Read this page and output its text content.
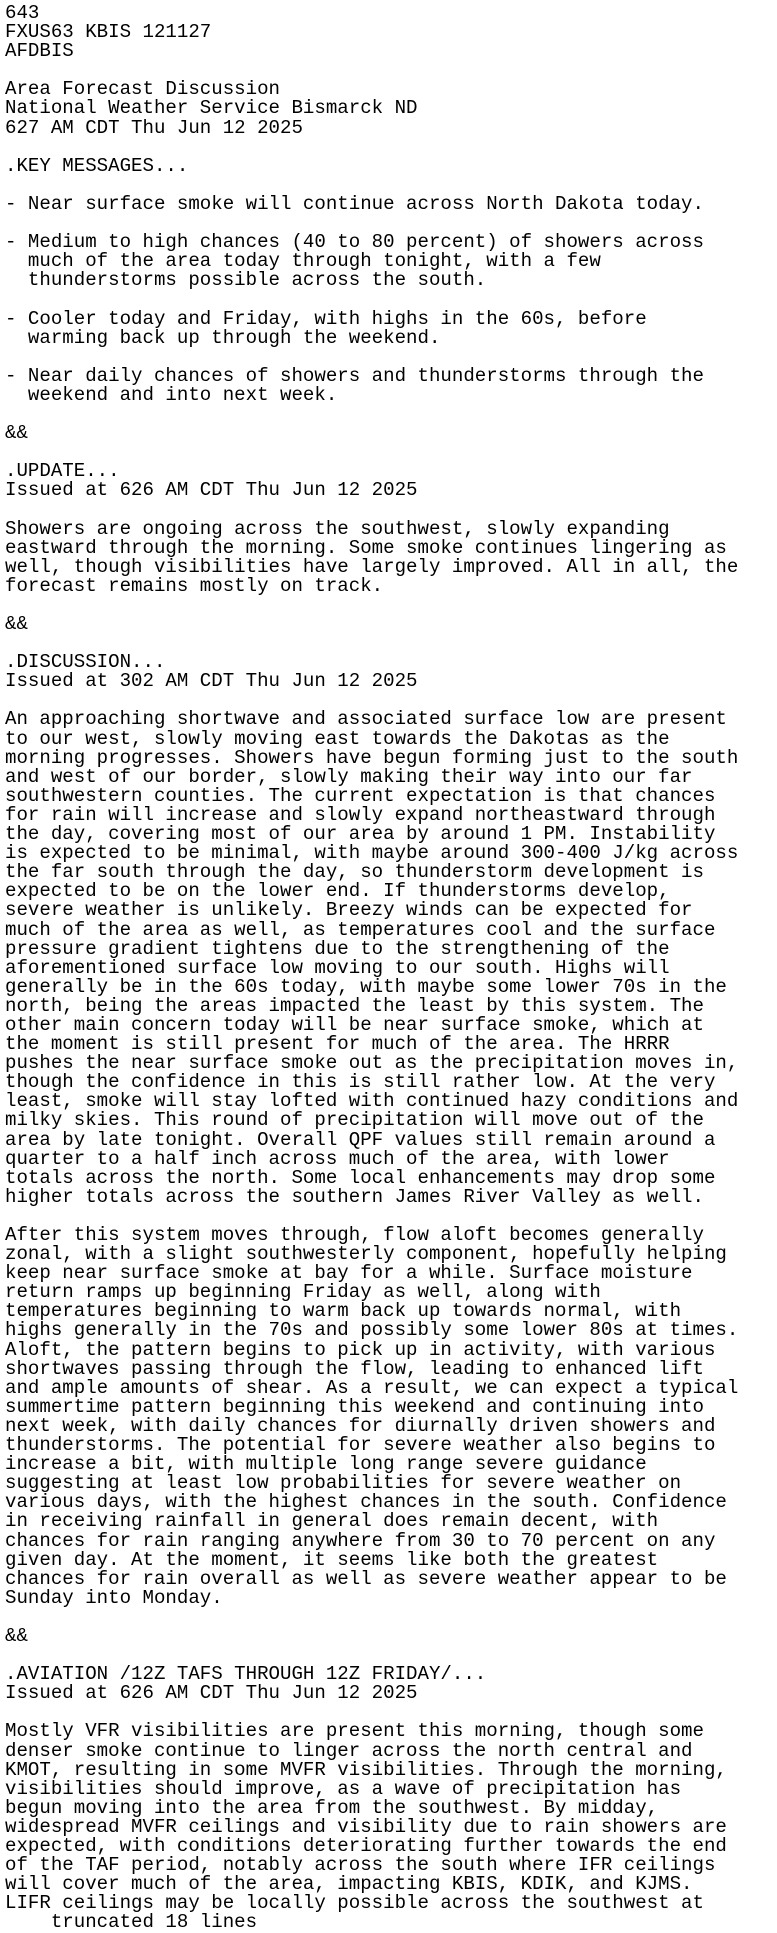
643
FXUS63 KBIS 121127
AFDBIS
Area Forecast Discussion
National Weather Service Bismarck ND
627 AM CDT Thu Jun 12 2025
.KEY MESSAGES...
- Near surface smoke will continue across North Dakota today.
- Medium to high chances (40 to 80 percent) of showers across
much of the area today through tonight, with a few
thunderstorms possible across the south.
- Cooler today and Friday, with highs in the 60s, before
warming back up through the weekend.
- Near daily chances of showers and thunderstorms through the
weekend and into next week.
&&
.UPDATE...
Issued at 626 AM CDT Thu Jun 12 2025
Showers are ongoing across the southwest, slowly expanding
eastward through the morning. Some smoke continues lingering as
well, though visibilities have largely improved. All in all, the
forecast remains mostly on track.
&&
.DISCUSSION...
Issued at 302 AM CDT Thu Jun 12 2025
An approaching shortwave and associated surface low are present
to our west, slowly moving east towards the Dakotas as the
morning progresses. Showers have begun forming just to the south
and west of our border, slowly making their way into our far
southwestern counties. The current expectation is that chances
for rain will increase and slowly expand northeastward through
the day, covering most of our area by around 1 PM. Instability
is expected to be minimal, with maybe around 300-400 J/kg across
the far south through the day, so thunderstorm development is
expected to be on the lower end. If thunderstorms develop,
severe weather is unlikely. Breezy winds can be expected for
much of the area as well, as temperatures cool and the surface
pressure gradient tightens due to the strengthening of the
aforementioned surface low moving to our south. Highs will
generally be in the 60s today, with maybe some lower 70s in the
north, being the areas impacted the least by this system. The
other main concern today will be near surface smoke, which at
the moment is still present for much of the area. The HRRR
pushes the near surface smoke out as the precipitation moves in,
though the confidence in this is still rather low. At the very
least, smoke will stay lofted with continued hazy conditions and
milky skies. This round of precipitation will move out of the
area by late tonight. Overall QPF values still remain around a
quarter to a half inch across much of the area, with lower
totals across the north. Some local enhancements may drop some
higher totals across the southern James River Valley as well.
After this system moves through, flow aloft becomes generally
zonal, with a slight southwesterly component, hopefully helping
keep near surface smoke at bay for a while. Surface moisture
return ramps up beginning Friday as well, along with
temperatures beginning to warm back up towards normal, with
highs generally in the 70s and possibly some lower 80s at times.
Aloft, the pattern begins to pick up in activity, with various
shortwaves passing through the flow, leading to enhanced lift
and ample amounts of shear. As a result, we can expect a typical
summertime pattern beginning this weekend and continuing into
next week, with daily chances for diurnally driven showers and
thunderstorms. The potential for severe weather also begins to
increase a bit, with multiple long range severe guidance
suggesting at least low probabilities for severe weather on
various days, with the highest chances in the south. Confidence
in receiving rainfall in general does remain decent, with
chances for rain ranging anywhere from 30 to 70 percent on any
given day. At the moment, it seems like both the greatest
chances for rain overall as well as severe weather appear to be
Sunday into Monday.
&&
.AVIATION /12Z TAFS THROUGH 12Z FRIDAY/...
Issued at 626 AM CDT Thu Jun 12 2025
Mostly VFR visibilities are present this morning, though some
denser smoke continue to linger across the north central and
KMOT, resulting in some MVFR visibilities. Through the morning,
visibilities should improve, as a wave of precipitation has
begun moving into the area from the southwest. By midday,
widespread MVFR ceilings and visibility due to rain showers are
expected, with conditions deteriorating further towards the end
of the TAF period, notably across the south where IFR ceilings
will cover much of the area, impacting KBIS, KDIK, and KJMS.
LIFR ceilings may be locally possible across the southwest at
truncated 18 lines
